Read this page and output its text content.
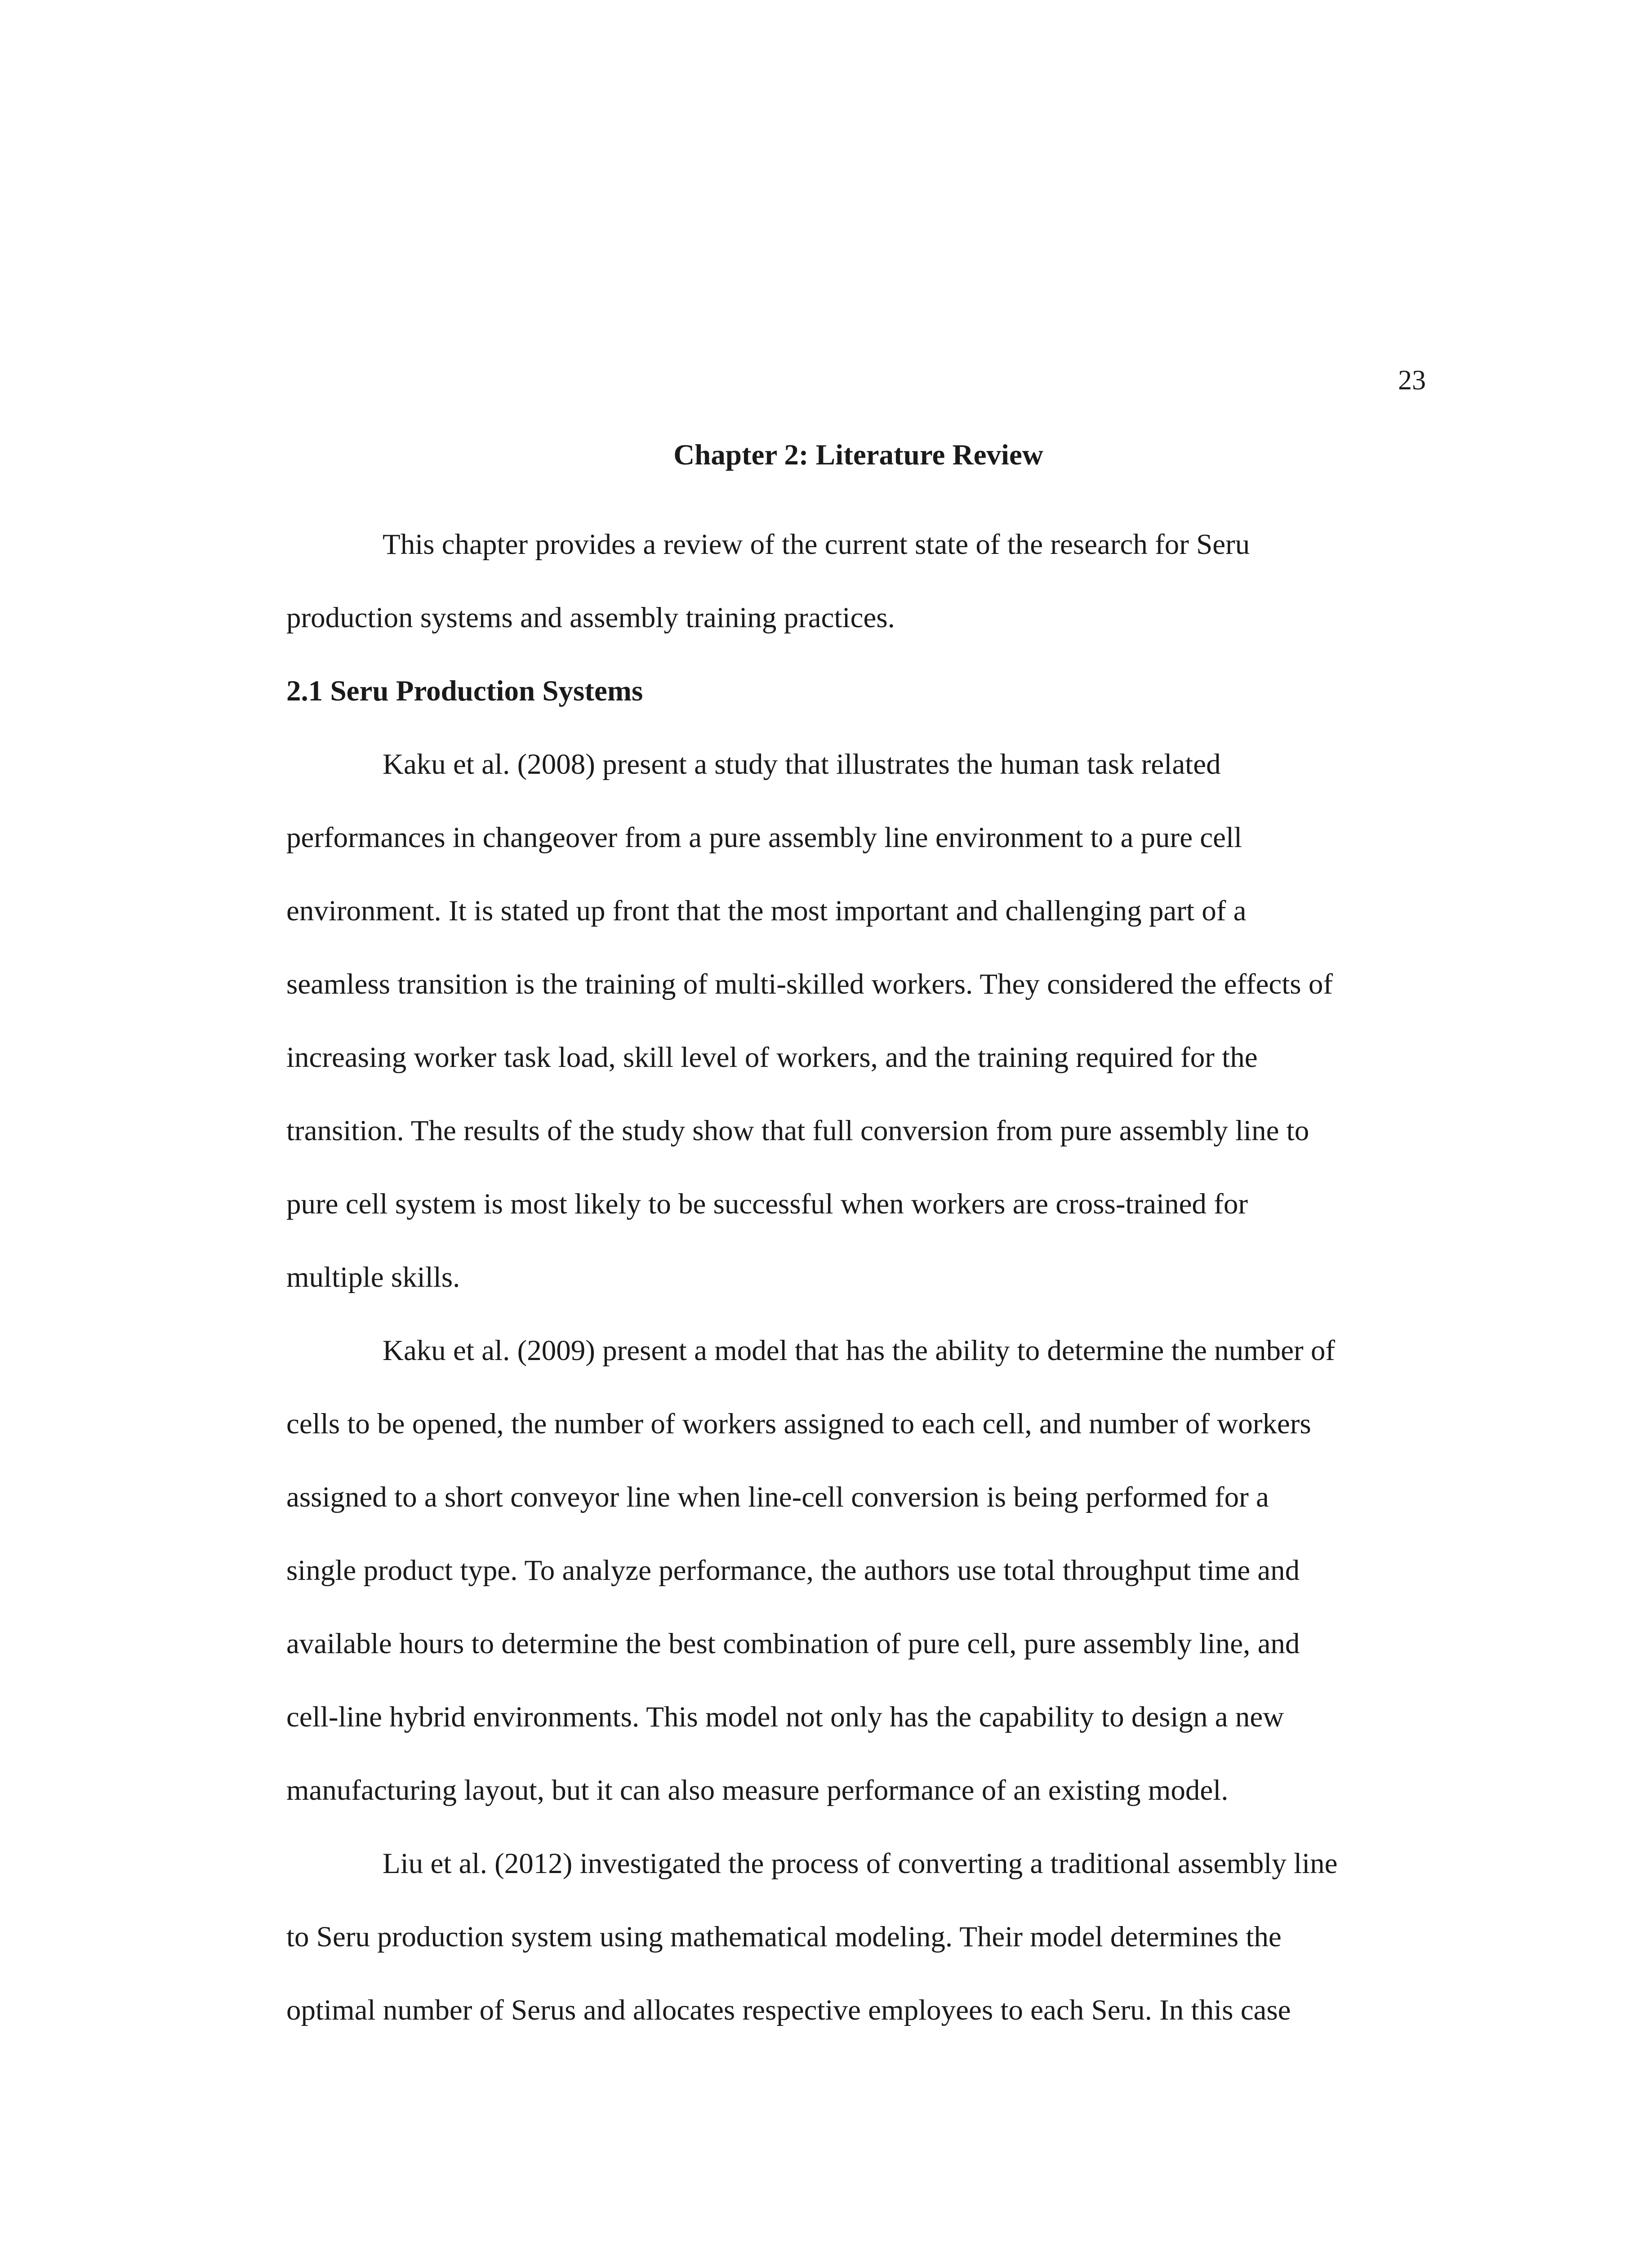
23
Chapter 2: Literature Review
This chapter provides a review of the current state of the research for Seru
production systems and assembly training practices.
2.1 Seru Production Systems
Kaku et al. (2008) present a study that illustrates the human task related
performances in changeover from a pure assembly line environment to a pure cell
environment. It is stated up front that the most important and challenging part of a
seamless transition is the training of multi-skilled workers. They considered the effects of
increasing worker task load, skill level of workers, and the training required for the
transition. The results of the study show that full conversion from pure assembly line to
pure cell system is most likely to be successful when workers are cross-trained for
multiple skills.
Kaku et al. (2009) present a model that has the ability to determine the number of
cells to be opened, the number of workers assigned to each cell, and number of workers
assigned to a short conveyor line when line-cell conversion is being performed for a
single product type. To analyze performance, the authors use total throughput time and
available hours to determine the best combination of pure cell, pure assembly line, and
cell-line hybrid environments. This model not only has the capability to design a new
manufacturing layout, but it can also measure performance of an existing model.
Liu et al. (2012) investigated the process of converting a traditional assembly line
to Seru production system using mathematical modeling. Their model determines the
optimal number of Serus and allocates respective employees to each Seru. In this case
